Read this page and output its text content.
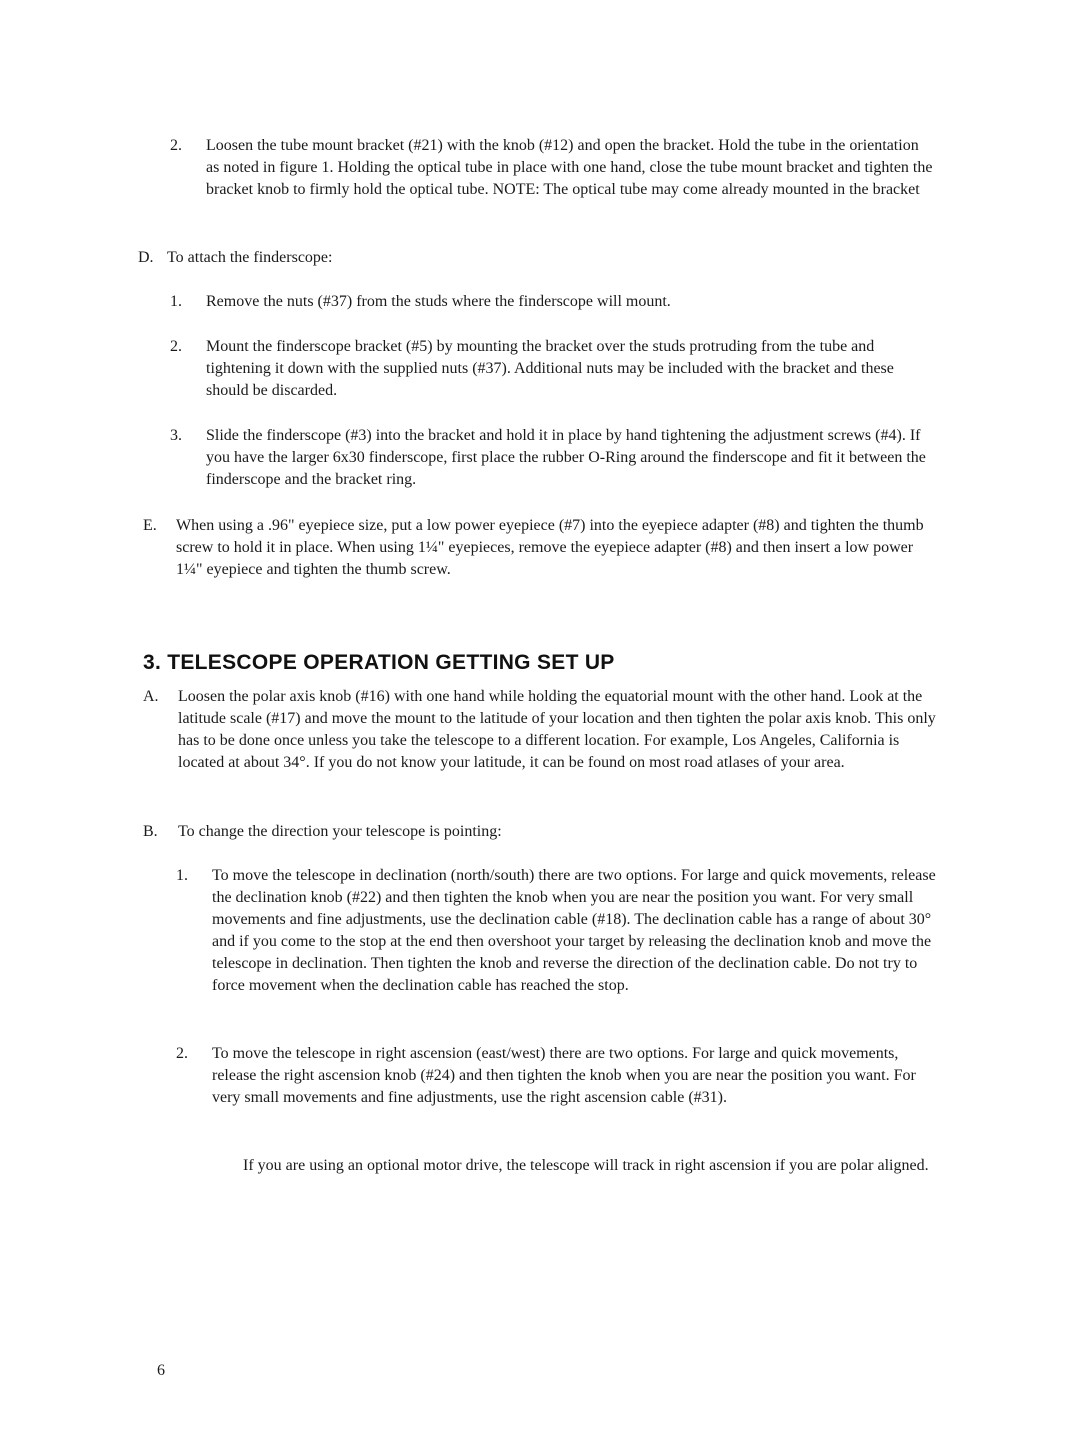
2. Loosen the tube mount bracket (#21) with the knob (#12) and open the bracket. Hold the tube in the orientation as noted in figure 1. Holding the optical tube in place with one hand, close the tube mount bracket and tighten the bracket knob to firmly hold the optical tube. NOTE: The optical tube may come already mounted in the bracket
D. To attach the finderscope:
1. Remove the nuts (#37) from the studs where the finderscope will mount.
2. Mount the finderscope bracket (#5) by mounting the bracket over the studs protruding from the tube and tightening it down with the supplied nuts (#37). Additional nuts may be included with the bracket and these should be discarded.
3. Slide the finderscope (#3) into the bracket and hold it in place by hand tightening the adjustment screws (#4). If you have the larger 6x30 finderscope, first place the rubber O-Ring around the finderscope and fit it between the finderscope and the bracket ring.
E. When using a .96" eyepiece size, put a low power eyepiece (#7) into the eyepiece adapter (#8) and tighten the thumb screw to hold it in place. When using 1¼" eyepieces, remove the eyepiece adapter (#8) and then insert a low power 1¼" eyepiece and tighten the thumb screw.
3. TELESCOPE OPERATION GETTING SET UP
A. Loosen the polar axis knob (#16) with one hand while holding the equatorial mount with the other hand. Look at the latitude scale (#17) and move the mount to the latitude of your location and then tighten the polar axis knob. This only has to be done once unless you take the telescope to a different location. For example, Los Angeles, California is located at about 34°. If you do not know your latitude, it can be found on most road atlases of your area.
B. To change the direction your telescope is pointing:
1. To move the telescope in declination (north/south) there are two options. For large and quick movements, release the declination knob (#22) and then tighten the knob when you are near the position you want. For very small movements and fine adjustments, use the declination cable (#18). The declination cable has a range of about 30° and if you come to the stop at the end then overshoot your target by releasing the declination knob and move the telescope in declination. Then tighten the knob and reverse the direction of the declination cable. Do not try to force movement when the declination cable has reached the stop.
2. To move the telescope in right ascension (east/west) there are two options. For large and quick movements, release the right ascension knob (#24) and then tighten the knob when you are near the position you want. For very small movements and fine adjustments, use the right ascension cable (#31).
If you are using an optional motor drive, the telescope will track in right ascension if you are polar aligned.
6
